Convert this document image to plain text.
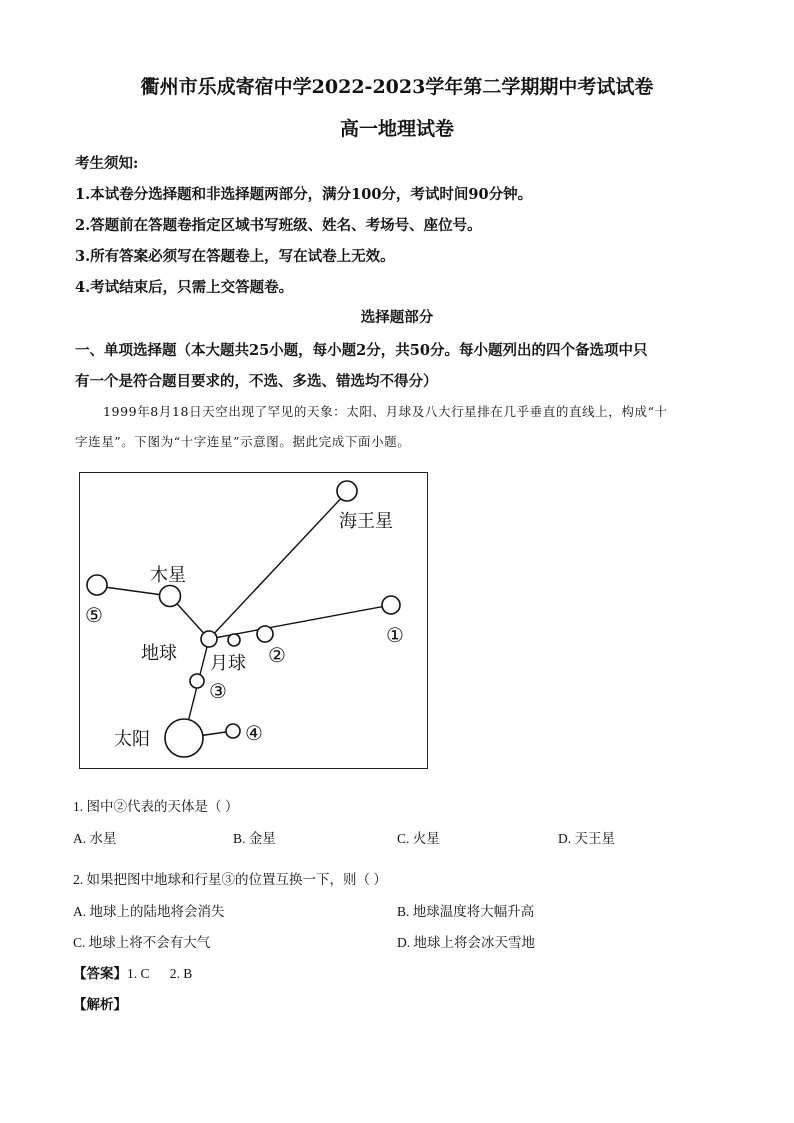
衢州市乐成寄宿中学2022-2023学年第二学期期中考试试卷
高一地理试卷
考生须知:
1.本试卷分选择题和非选择题两部分，满分100分，考试时间90分钟。
2.答题前在答题卷指定区域书写班级、姓名、考场号、座位号。
3.所有答案必须写在答题卷上，写在试卷上无效。
4.考试结束后，只需上交答题卷。
选择题部分
一、单项选择题（本大题共25小题，每小题2分，共50分。每小题列出的四个备选项中只
有一个是符合题目要求的，不选、多选、错选均不得分）
1999年8月18日天空出现了罕见的天象：太阳、月球及八大行星排在几乎垂直的直线上，构成“十
字连星”。下图为“十字连星”示意图。据此完成下面小题。
海王星
木星
地球 月球
太阳
①
②
③
④
⑤
1. 图中②代表的天体是（ ）
A. 水星	B. 金星	C. 火星	D. 天王星
2. 如果把图中地球和行星③的位置互换一下，则（ ）
A. 地球上的陆地将会消失	B. 地球温度将大幅升高
C. 地球上将不会有大气	D. 地球上将会冰天雪地
【答案】1. C      2. B
【解析】
